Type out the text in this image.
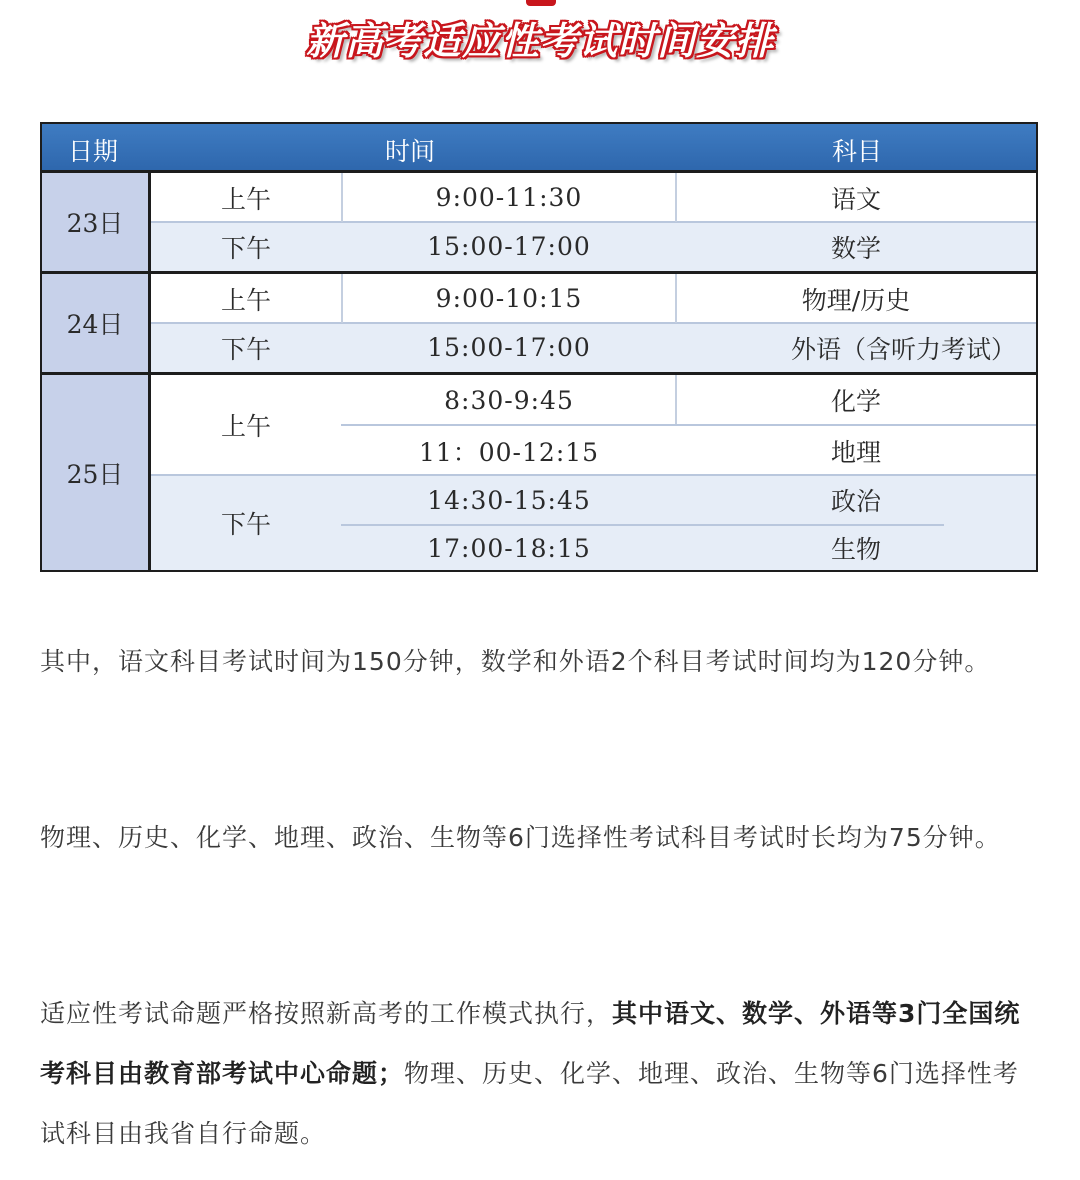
新高考适应性考试时间安排
日期	时间	科目
23日
上午	9:00-11:30	语文
下午	15:00-17:00	数学
24日
上午	9:00-10:15	物理/历史
下午	15:00-17:00	外语（含听力考试）
25日
上午
8:30-9:45	化学
11：00-12:15	地理
下午
14:30-15:45	政治
17:00-18:15	生物
其中，语文科目考试时间为150分钟，数学和外语2个科目考试时间均为120分钟。
物理、历史、化学、地理、政治、生物等6门选择性考试科目考试时长均为75分钟。
适应性考试命题严格按照新高考的工作模式执行，其中语文、数学、外语等3门全国统考科目由教育部考试中心命题；物理、历史、化学、地理、政治、生物等6门选择性考试科目由我省自行命题。
